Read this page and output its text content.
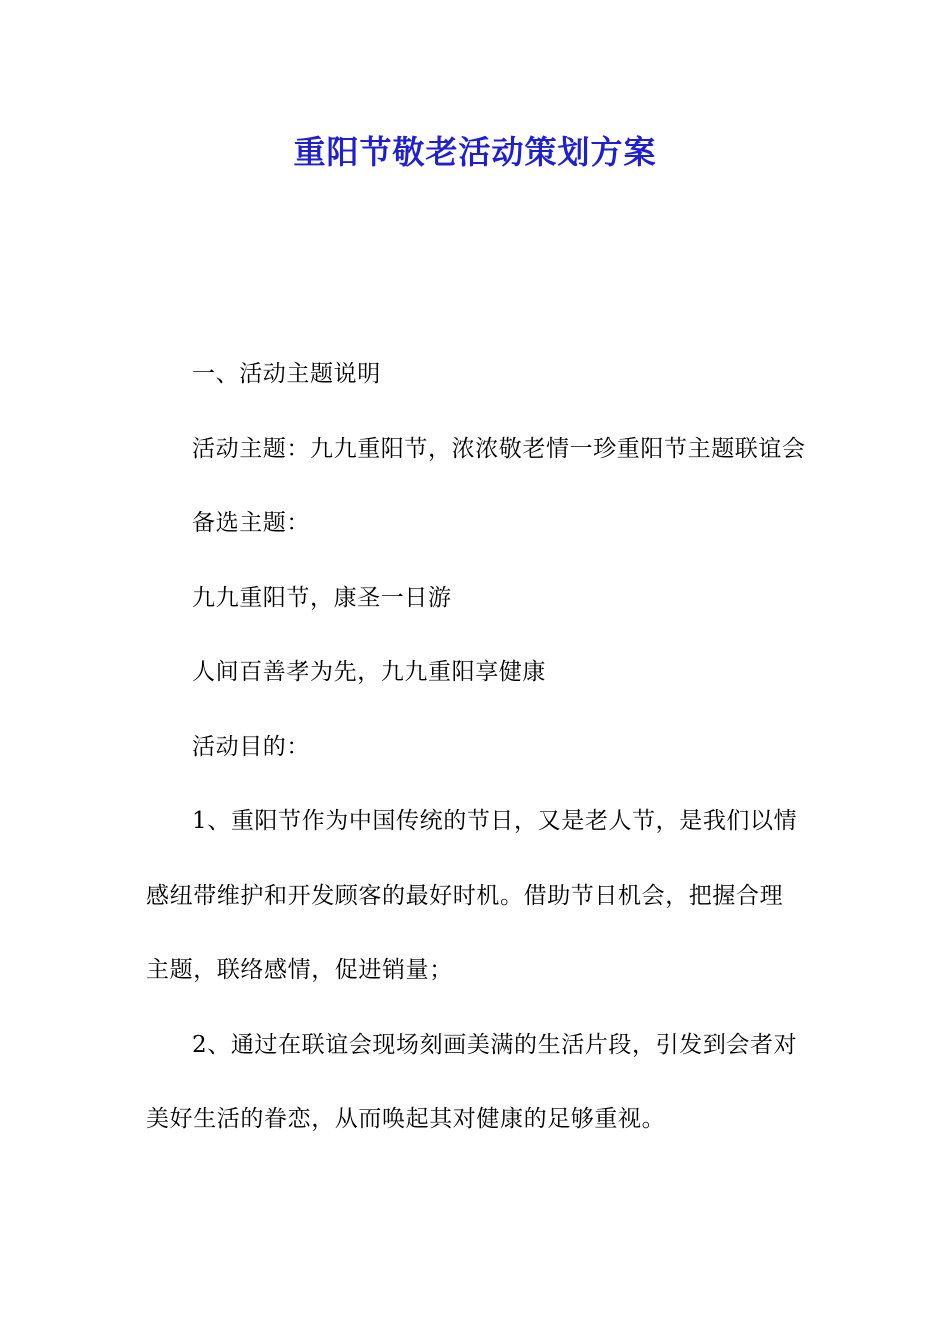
重阳节敬老活动策划方案

一、活动主题说明

活动主题：九九重阳节，浓浓敬老情一珍重阳节主题联谊会

备选主题：

九九重阳节，康圣一日游

人间百善孝为先，九九重阳享健康

活动目的：

1、重阳节作为中国传统的节日，又是老人节，是我们以情感纽带维护和开发顾客的最好时机。借助节日机会，把握合理主题，联络感情，促进销量；

2、通过在联谊会现场刻画美满的生活片段，引发到会者对美好生活的眷恋，从而唤起其对健康的足够重视。
